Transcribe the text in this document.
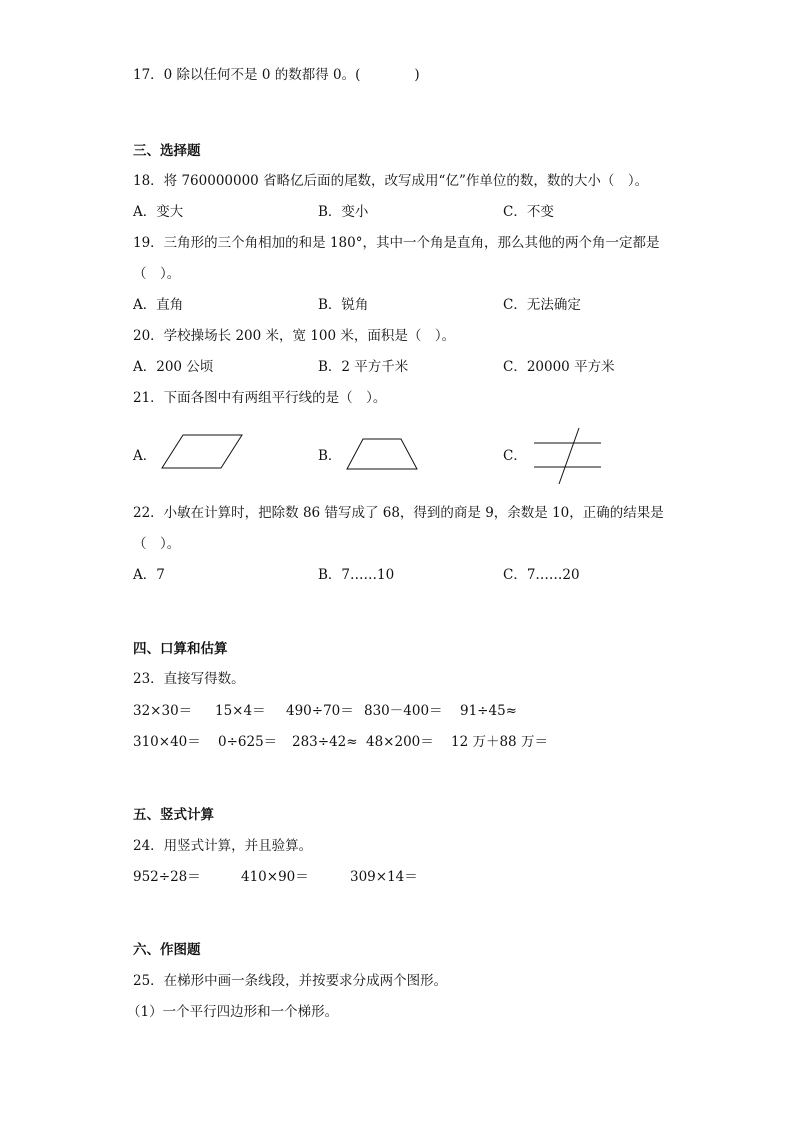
17．0 除以任何不是 0 的数都得 0。(　　　　)
三、选择题
18．将 760000000 省略亿后面的尾数，改写成用“亿”作单位的数，数的大小（　）。
A．变大	B．变小	C．不变
19．三角形的三个角相加的和是 180°，其中一个角是直角，那么其他的两个角一定都是
（　）。
A．直角	B．锐角	C．无法确定
20．学校操场长 200 米，宽 100 米，面积是（　）。
A．200 公顷	B．2 平方千米	C．20000 平方米
21．下面各图中有两组平行线的是（　）。
A．	B．	C．
22．小敏在计算时，把除数 86 错写成了 68，得到的商是 9，余数是 10，正确的结果是
（　）。
A．7	B．7……10	C．7……20
四、口算和估算
23．直接写得数。
32×30＝ 15×4＝ 490÷70＝ 830－400＝ 91÷45≈
310×40＝ 0÷625＝ 283÷42≈ 48×200＝ 12 万＋88 万＝
五、竖式计算
24．用竖式计算，并且验算。
952÷28＝	410×90＝	309×14＝
六、作图题
25．在梯形中画一条线段，并按要求分成两个图形。
（1）一个平行四边形和一个梯形。
